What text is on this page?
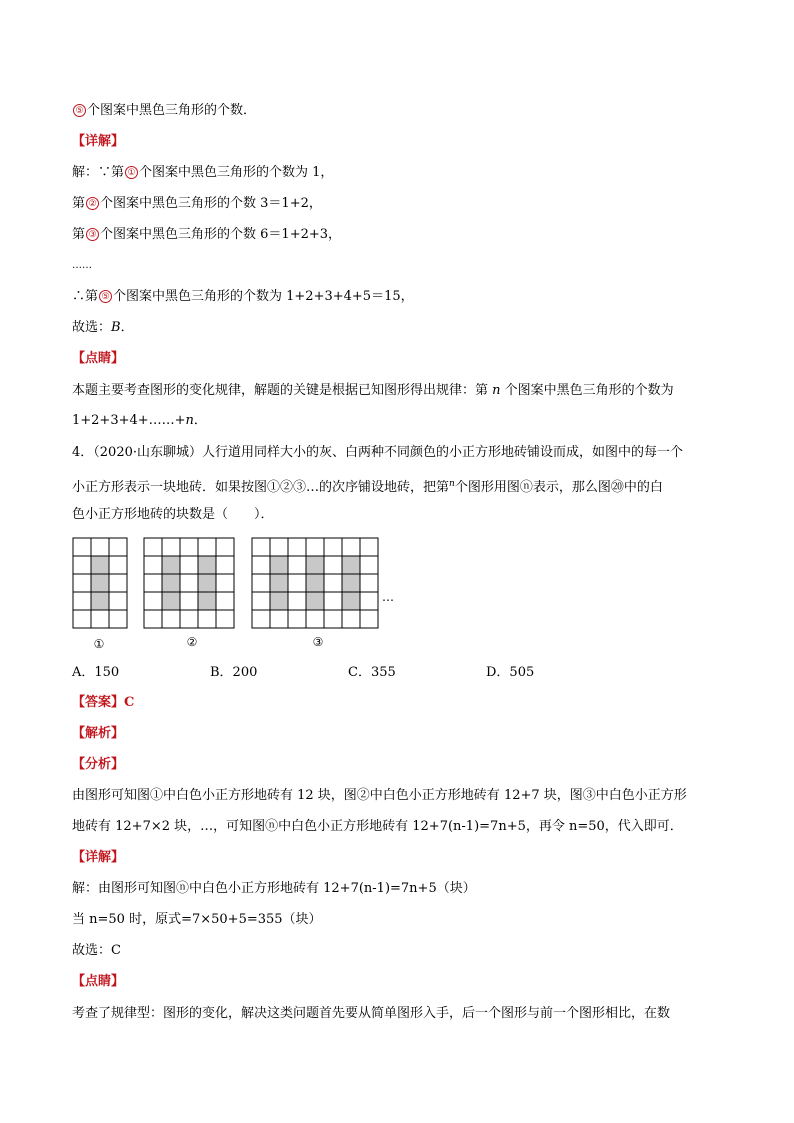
⑤ 个图案中黑色三角形的个数．
【详解】
解：∵第 ① 个图案中黑色三角形的个数为 1，
第 ② 个图案中黑色三角形的个数 3＝1+2，
第 ③ 个图案中黑色三角形的个数 6＝1+2+3，
……
∴第 ⑤ 个图案中黑色三角形的个数为 1+2+3+4+5＝15，
故选：B．
【点睛】
本题主要考查图形的变化规律，解题的关键是根据已知图形得出规律：第 n 个图案中黑色三角形的个数为
1+2+3+4+……+n．
4．（2020·山东聊城）人行道用同样大小的灰、白两种不同颜色的小正方形地砖铺设而成，如图中的每一个
小正方形表示一块地砖．如果按图①②③…的次序铺设地砖，把第$^n$个图形用图ⓝ表示，那么图⑳中的白
色小正方形地砖的块数是（　　）．
①	②	③
…
A．150	B．200	C．355	D．505
【答案】C
【解析】
【分析】
由图形可知图①中白色小正方形地砖有 12 块，图②中白色小正方形地砖有 12+7 块，图③中白色小正方形
地砖有 12+7×2 块，…，可知图ⓝ中白色小正方形地砖有 12+7(n-1)=7n+5，再令 n=50，代入即可．
【详解】
解：由图形可知图ⓝ中白色小正方形地砖有 12+7(n-1)=7n+5（块）
当 n=50 时，原式=7×50+5=355（块）
故选：C
【点睛】
考查了规律型：图形的变化，解决这类问题首先要从简单图形入手，后一个图形与前一个图形相比，在数
